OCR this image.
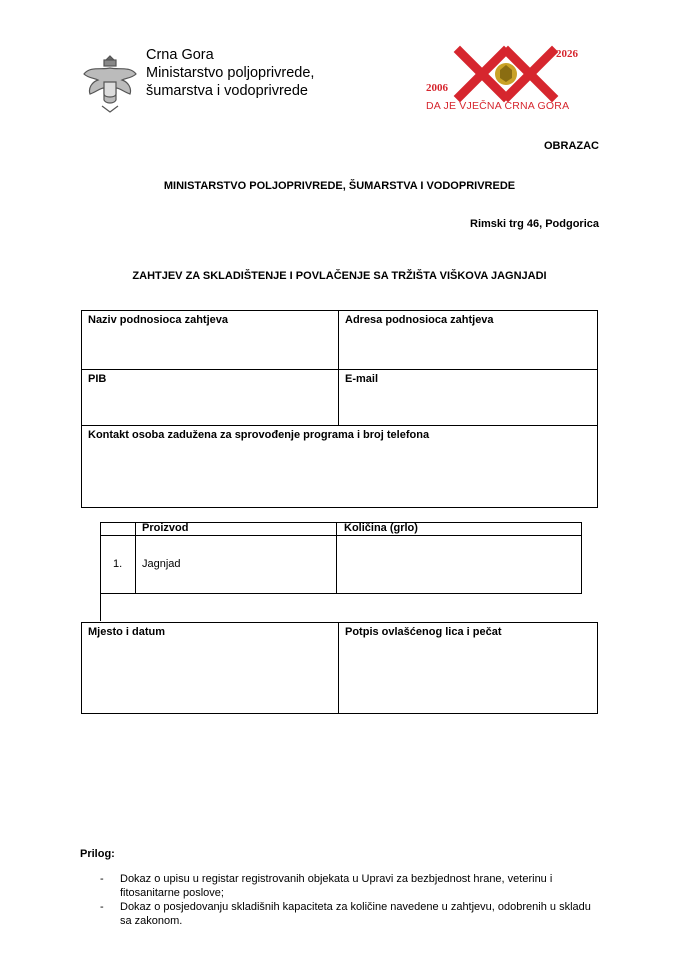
Crna Gora
Ministarstvo poljoprivrede,
šumarstva i vodoprivrede	2006
2026
DA JE VJEČNA CRNA GORA
OBRAZAC
MINISTARSTVO POLJOPRIVREDE, ŠUMARSTVA I VODOPRIVREDE
Rimski trg 46, Podgorica
ZAHTJEV ZA SKLADIŠTENJE I POVLAČENJE SA TRŽIŠTA VIŠKOVA JAGNJADI
Naziv podnosioca zahtjeva	Adresa podnosioca zahtjeva
PIB	E-mail
Kontakt osoba zadužena za sprovođenje programa i broj telefona
Proizvod	Količina (grlo)
1. Jagnjad
Mjesto i datum	Potpis ovlašćenog lica i pečat
Prilog:
- Dokaz o upisu u registar registrovanih objekata u Upravi za bezbjednost hrane, veterinu i fitosanitarne poslove;
- Dokaz o posjedovanju skladišnih kapaciteta za količine navedene u zahtjevu, odobrenih u skladu sa zakonom.
